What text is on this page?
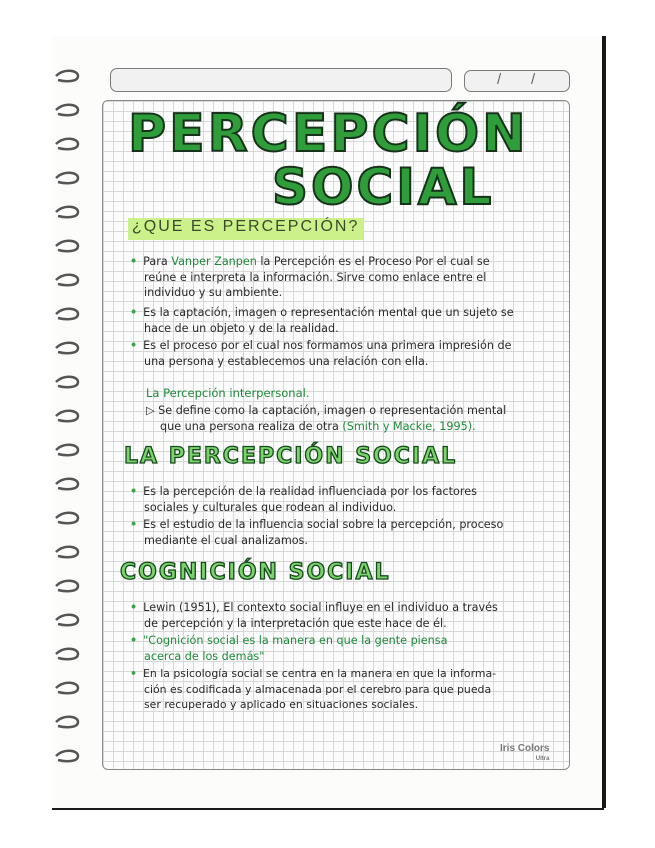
/ /
PERCEPCIÓN
SOCIAL
¿QUE ES PERCEPCIÓN?
• Para Vanper Zanpen la Percepción es el Proceso Por el cual se
reúne e interpreta la información. Sirve como enlace entre el
individuo y su ambiente.
• Es la captación, imagen o representación mental que un sujeto se
hace de un objeto y de la realidad.
• Es el proceso por el cual nos formamos una primera impresión de
una persona y establecemos una relación con ella.
La Percepción interpersonal.
▷ Se define como la captación, imagen o representación mental
que una persona realiza de otra (Smith y Mackie, 1995).
LA PERCEPCIÓN SOCIAL
• Es la percepción de la realidad influenciada por los factores
sociales y culturales que rodean al individuo.
• Es el estudio de la influencia social sobre la percepción, proceso
mediante el cual analizamos.
COGNICIÓN SOCIAL
• Lewin (1951), El contexto social influye en el individuo a través
de percepción y la interpretación que este hace de él.
• "Cognición social es la manera en que la gente piensa
acerca de los demás"
• En la psicología social se centra en la manera en que la informa-
ción es codificada y almacenada por el cerebro para que pueda
ser recuperado y aplicado en situaciones sociales.
Iris Colors
Ultra
